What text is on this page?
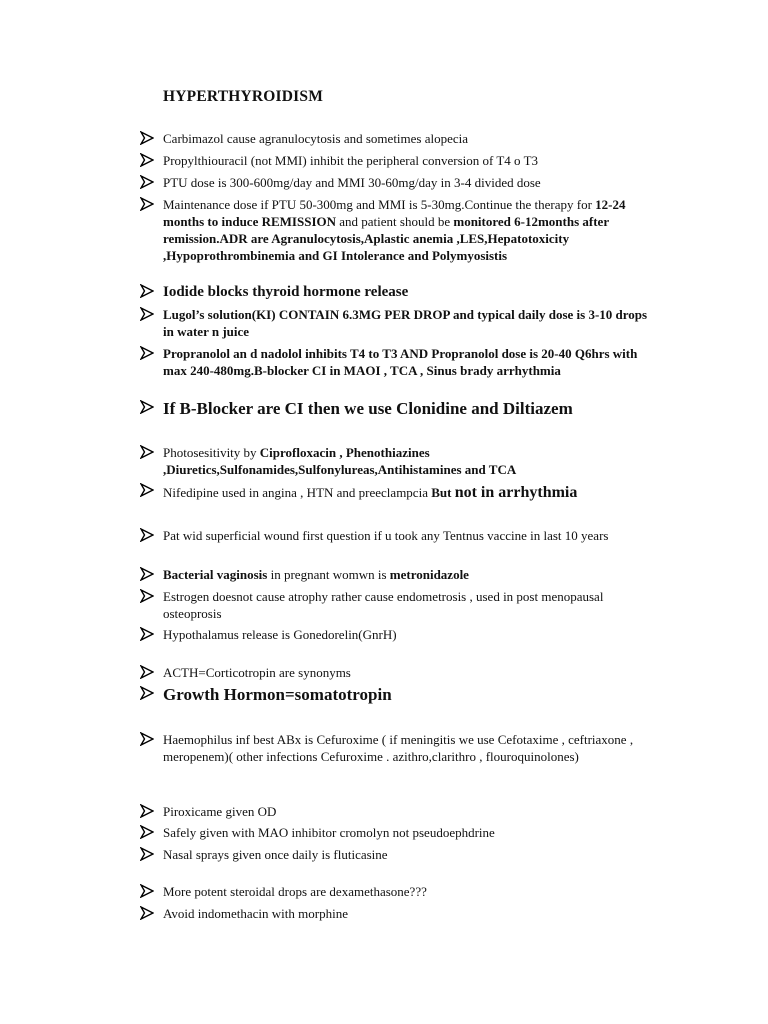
HYPERTHYROIDISM
Carbimazol cause agranulocytosis and sometimes alopecia
Propylthiouracil (not MMI) inhibit the peripheral conversion of T4 o T3
PTU dose is 300-600mg/day and MMI 30-60mg/day in 3-4 divided dose
Maintenance dose if PTU 50-300mg and MMI is 5-30mg.Continue the therapy for 12-24 months to induce REMISSION and patient should be monitored 6-12months after remission.ADR are Agranulocytosis,Aplastic anemia ,LES,Hepatotoxicity ,Hypoprothrombinemia and GI Intolerance and Polymyosistis
Iodide blocks thyroid hormone release
Lugol’s solution(KI) CONTAIN 6.3MG PER DROP and typical daily dose is 3-10 drops in water n juice
Propranolol an d nadolol inhibits T4 to T3 AND Propranolol dose is 20-40 Q6hrs with max 240-480mg.B-blocker CI in MAOI , TCA , Sinus brady arrhythmia
If B-Blocker are CI then we use Clonidine and Diltiazem
Photosesitivity by Ciprofloxacin , Phenothiazines ,Diuretics,Sulfonamides,Sulfonylureas,Antihistamines and TCA
Nifedipine used in angina , HTN and preeclampcia But not in arrhythmia
Pat wid superficial wound first question if u took any Tentnus vaccine in last 10 years
Bacterial vaginosis in pregnant womwn is metronidazole
Estrogen doesnot cause atrophy rather cause endometrosis , used in post menopausal osteoprosis
Hypothalamus release is Gonedorelin(GnrH)
ACTH=Corticotropin are synonyms
Growth Hormon=somatotropin
Haemophilus inf best ABx is Cefuroxime ( if meningitis we use Cefotaxime , ceftriaxone , meropenem)( other infections Cefuroxime . azithro,clarithro , flouroquinolones)
Piroxicame given OD
Safely given with MAO inhibitor cromolyn not pseudoephdrine
Nasal sprays given once daily is fluticasine
More potent steroidal drops are dexamethasone???
Avoid indomethacin with morphine
